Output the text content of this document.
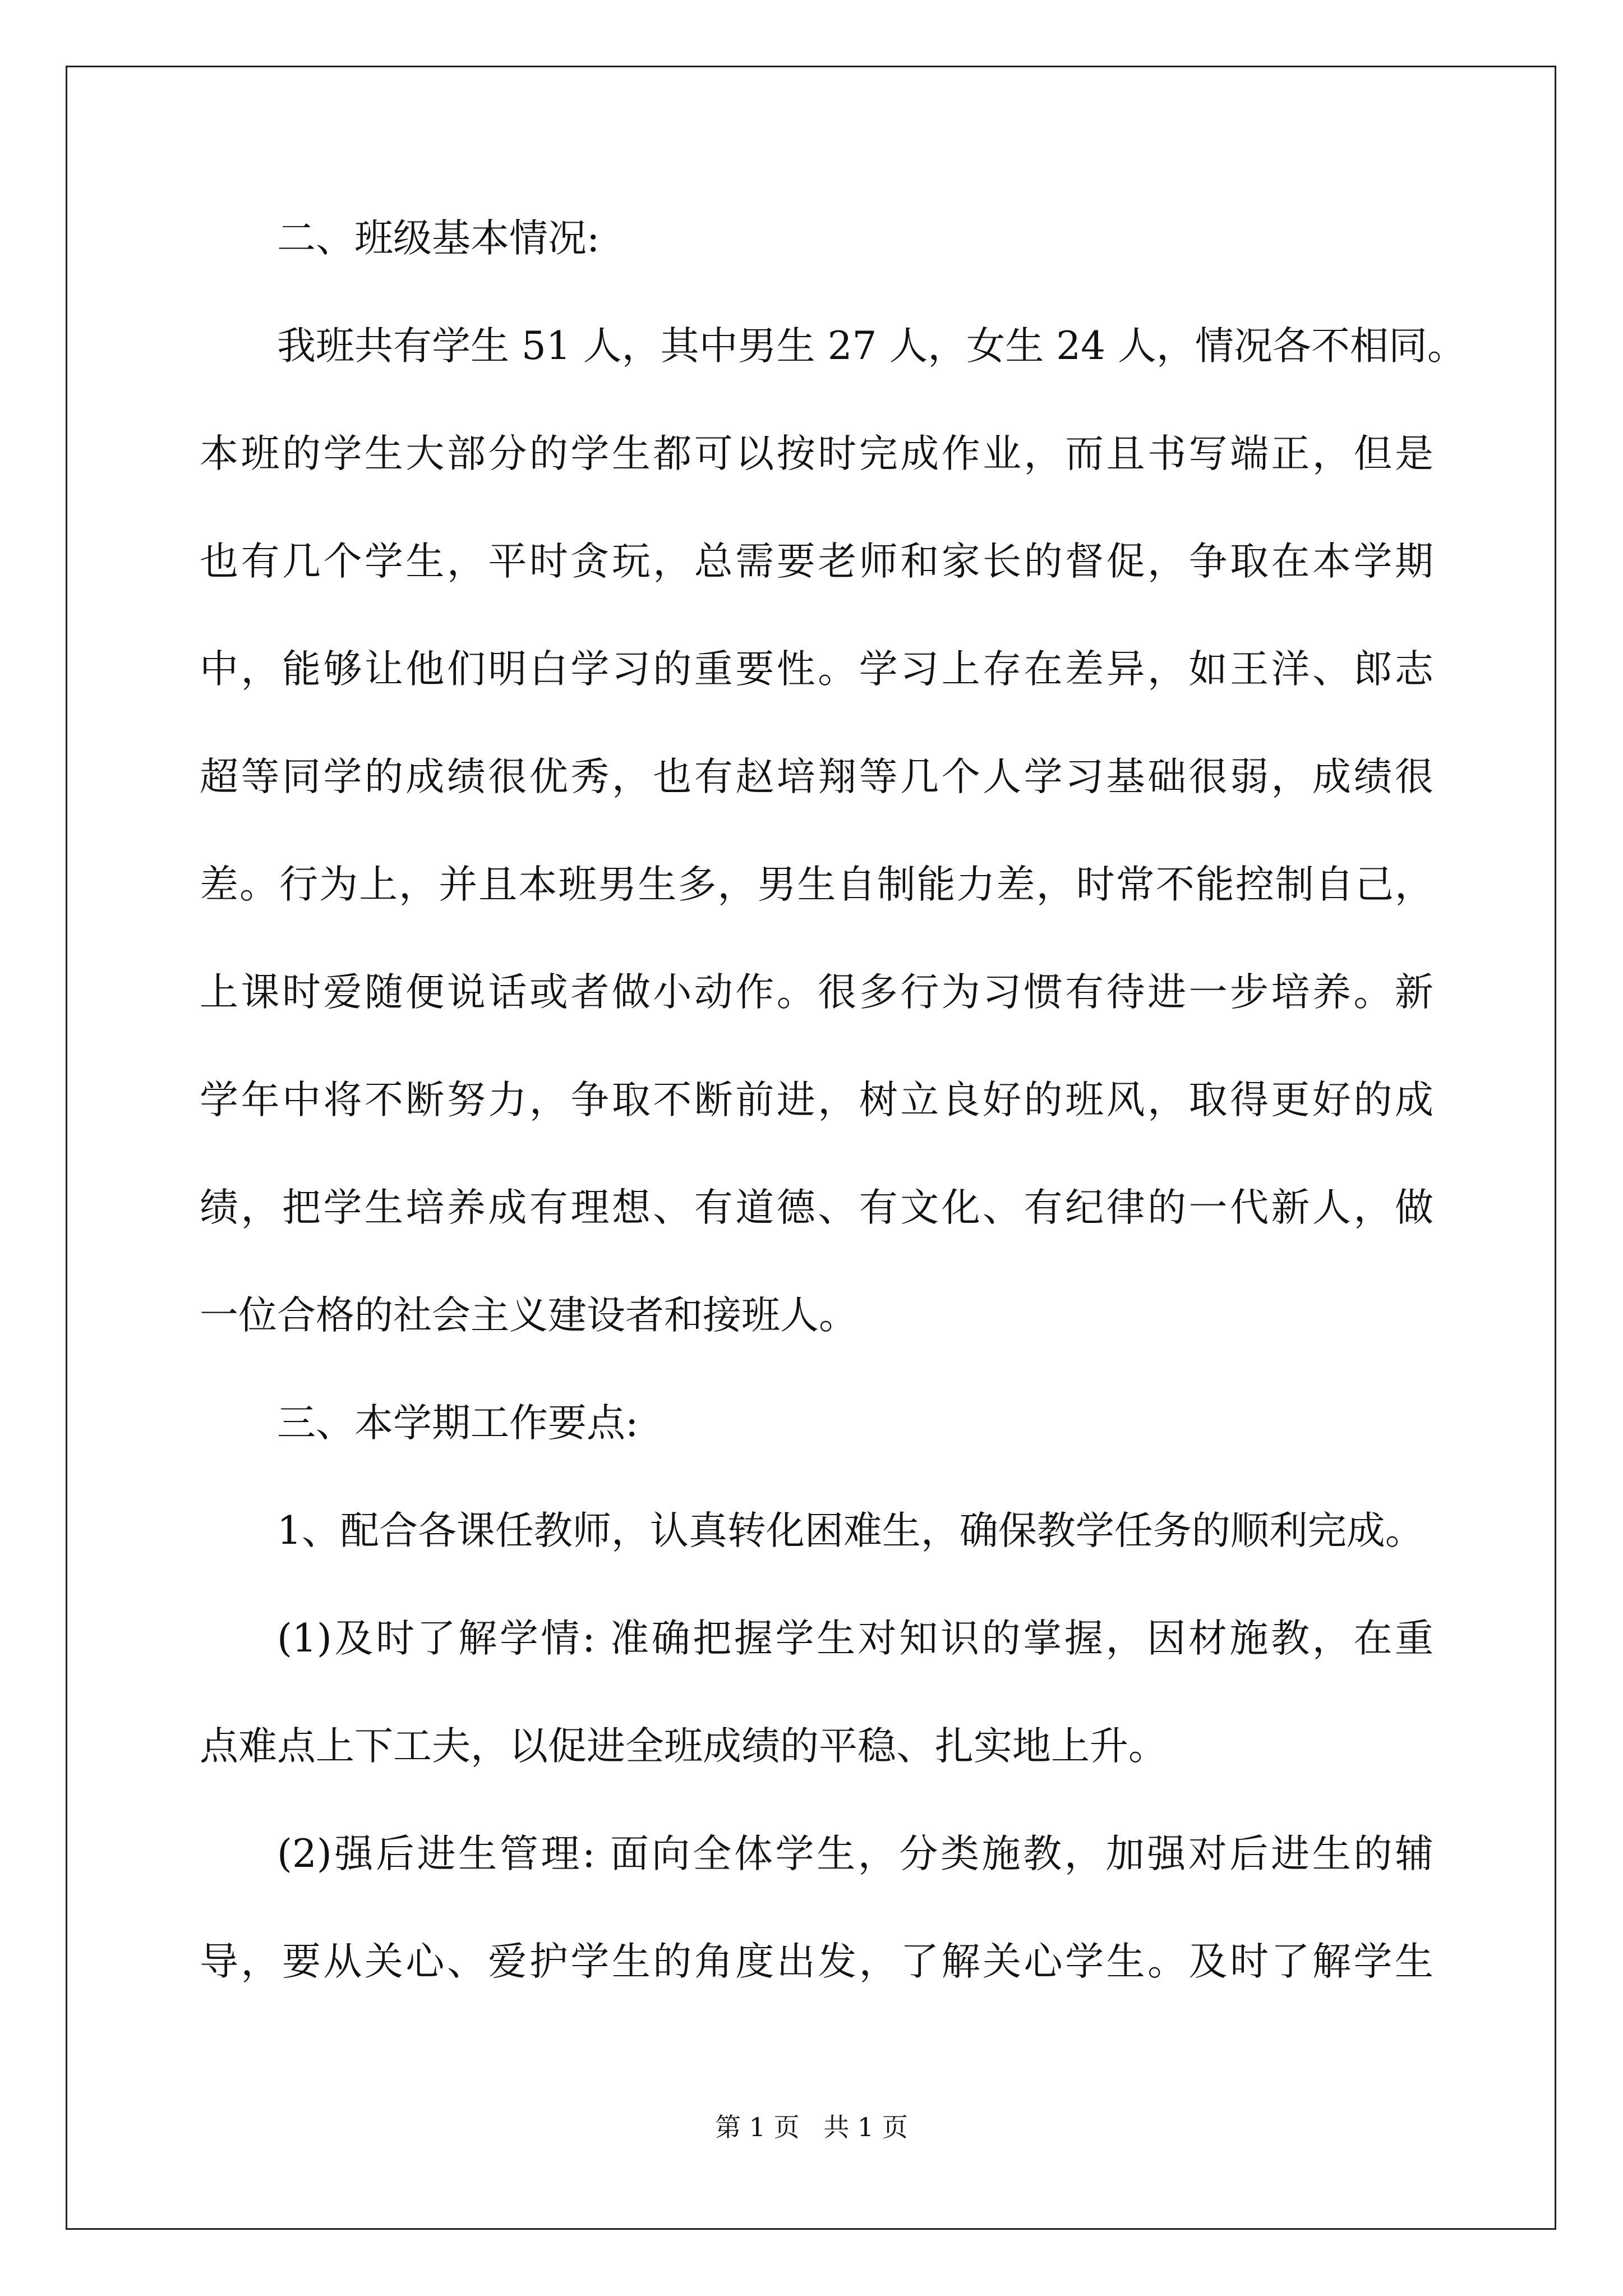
二、班级基本情况:
我班共有学生 51 人，其中男生 27 人，女生 24 人，情况各不相同。
本班的学生大部分的学生都可以按时完成作业，而且书写端正，但是
也有几个学生，平时贪玩，总需要老师和家长的督促，争取在本学期
中，能够让他们明白学习的重要性。学习上存在差异，如王洋、郎志
超等同学的成绩很优秀，也有赵培翔等几个人学习基础很弱，成绩很
差。行为上，并且本班男生多，男生自制能力差，时常不能控制自己，
上课时爱随便说话或者做小动作。很多行为习惯有待进一步培养。新
学年中将不断努力，争取不断前进，树立良好的班风，取得更好的成
绩，把学生培养成有理想、有道德、有文化、有纪律的一代新人，做
一位合格的社会主义建设者和接班人。
三、本学期工作要点:
1、配合各课任教师，认真转化困难生，确保教学任务的顺利完成。
(1)及时了解学情: 准确把握学生对知识的掌握，因材施教，在重
点难点上下工夫，以促进全班成绩的平稳、扎实地上升。
(2)强后进生管理: 面向全体学生，分类施教，加强对后进生的辅
导，要从关心、爱护学生的角度出发，了解关心学生。及时了解学生
第 1 页 共 1 页
